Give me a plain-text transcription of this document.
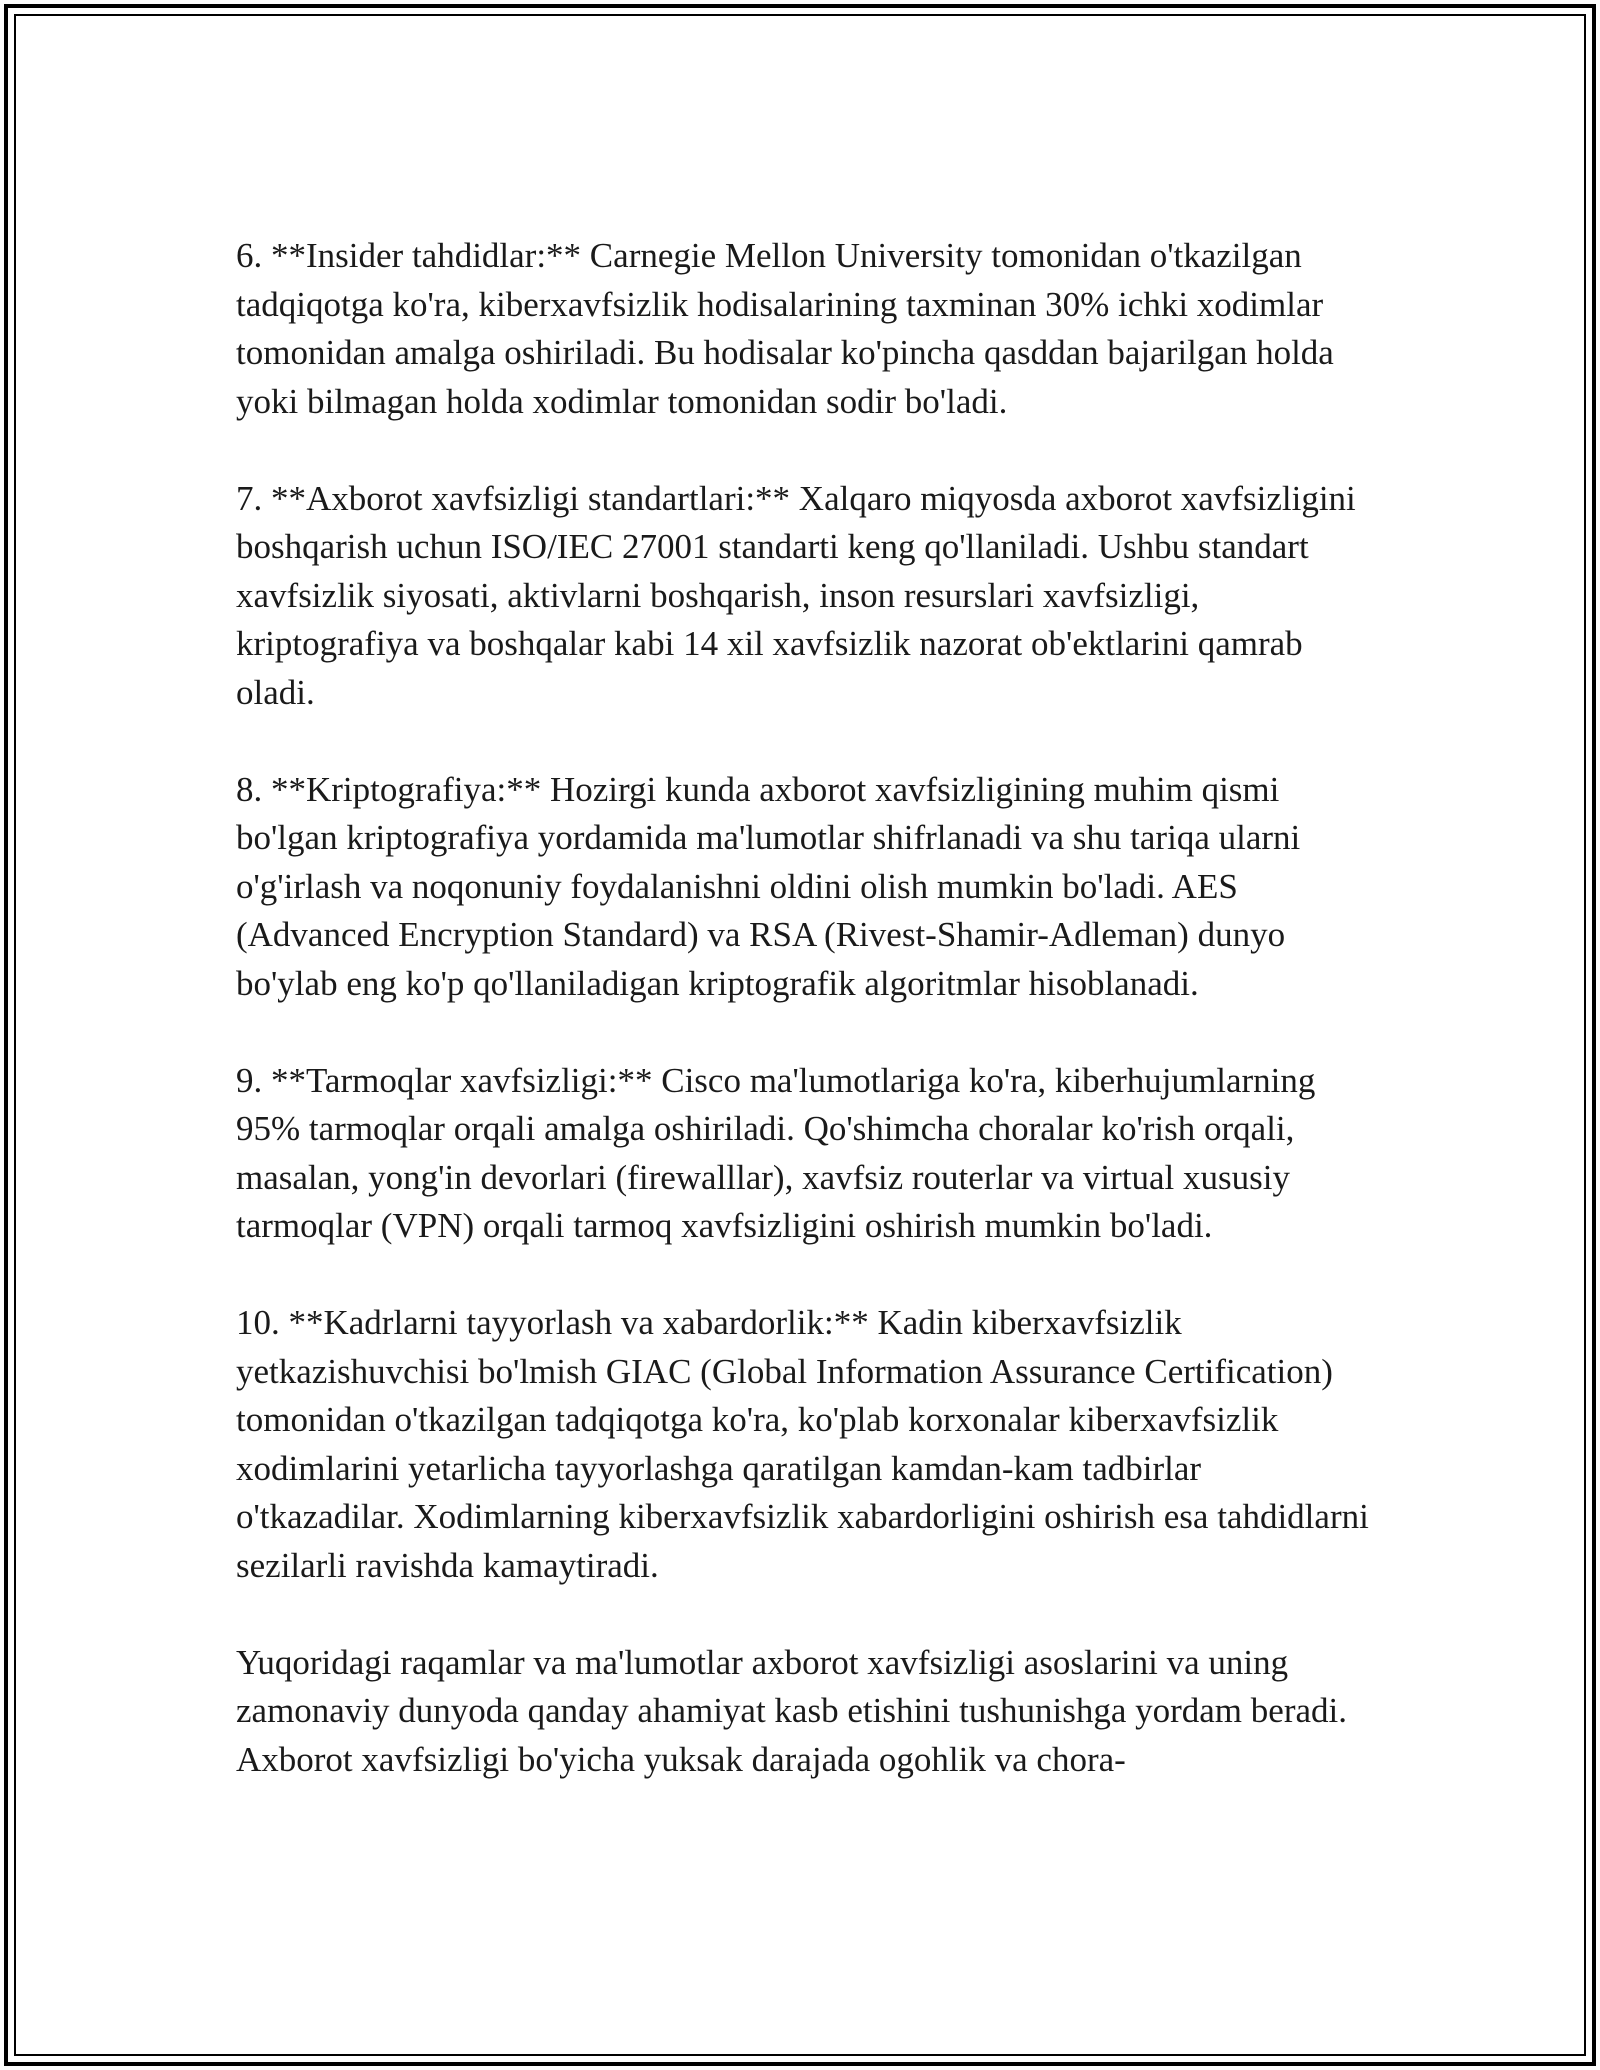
6. **Insider tahdidlar:** Carnegie Mellon University tomonidan o'tkazilgan tadqiqotga ko'ra, kiberxavfsizlik hodisalarining taxminan 30% ichki xodimlar tomonidan amalga oshiriladi. Bu hodisalar ko'pincha qasddan bajarilgan holda yoki bilmagan holda xodimlar tomonidan sodir bo'ladi.

7. **Axborot xavfsizligi standartlari:** Xalqaro miqyosda axborot xavfsizligini boshqarish uchun ISO/IEC 27001 standarti keng qo'llaniladi. Ushbu standart xavfsizlik siyosati, aktivlarni boshqarish, inson resurslari xavfsizligi, kriptografiya va boshqalar kabi 14 xil xavfsizlik nazorat ob'ektlarini qamrab oladi.

8. **Kriptografiya:** Hozirgi kunda axborot xavfsizligining muhim qismi bo'lgan kriptografiya yordamida ma'lumotlar shifrlanadi va shu tariqa ularni o'g'irlash va noqonuniy foydalanishni oldini olish mumkin bo'ladi. AES (Advanced Encryption Standard) va RSA (Rivest-Shamir-Adleman) dunyo bo'ylab eng ko'p qo'llaniladigan kriptografik algoritmlar hisoblanadi.

9. **Tarmoqlar xavfsizligi:** Cisco ma'lumotlariga ko'ra, kiberhujumlarning 95% tarmoqlar orqali amalga oshiriladi. Qo'shimcha choralar ko'rish orqali, masalan, yong'in devorlari (firewalllar), xavfsiz routerlar va virtual xususiy tarmoqlar (VPN) orqali tarmoq xavfsizligini oshirish mumkin bo'ladi.

10. **Kadrlarni tayyorlash va xabardorlik:** Kadin kiberxavfsizlik yetkazishuvchisi bo'lmish GIAC (Global Information Assurance Certification) tomonidan o'tkazilgan tadqiqotga ko'ra, ko'plab korxonalar kiberxavfsizlik xodimlarini yetarlicha tayyorlashga qaratilgan kamdan-kam tadbirlar o'tkazadilar. Xodimlarning kiberxavfsizlik xabardorligini oshirish esa tahdidlarni sezilarli ravishda kamaytiradi.

Yuqoridagi raqamlar va ma'lumotlar axborot xavfsizligi asoslarini va uning zamonaviy dunyoda qanday ahamiyat kasb etishini tushunishga yordam beradi. Axborot xavfsizligi bo'yicha yuksak darajada ogohlik va chora-
